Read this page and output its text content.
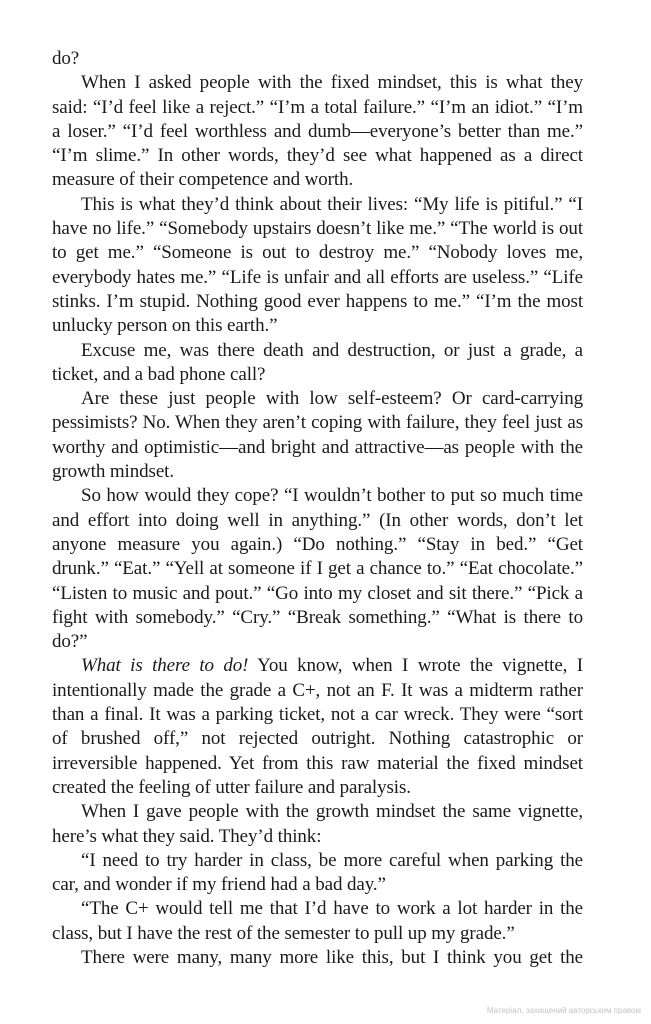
do?

When I asked people with the fixed mindset, this is what they said: “I’d feel like a reject.” “I’m a total failure.” “I’m an idiot.” “I’m a loser.” “I’d feel worthless and dumb—everyone’s better than me.” “I’m slime.” In other words, they’d see what happened as a direct measure of their competence and worth.

This is what they’d think about their lives: “My life is pitiful.” “I have no life.” “Somebody upstairs doesn’t like me.” “The world is out to get me.” “Someone is out to destroy me.” “Nobody loves me, everybody hates me.” “Life is unfair and all efforts are useless.” “Life stinks. I’m stupid. Nothing good ever happens to me.” “I’m the most unlucky person on this earth.”

Excuse me, was there death and destruction, or just a grade, a ticket, and a bad phone call?

Are these just people with low self-esteem? Or card-carrying pessimists? No. When they aren’t coping with failure, they feel just as worthy and optimistic—and bright and attractive—as people with the growth mindset.

So how would they cope? “I wouldn’t bother to put so much time and effort into doing well in anything.” (In other words, don’t let anyone measure you again.) “Do nothing.” “Stay in bed.” “Get drunk.” “Eat.” “Yell at someone if I get a chance to.” “Eat chocolate.” “Listen to music and pout.” “Go into my closet and sit there.” “Pick a fight with somebody.” “Cry.” “Break something.” “What is there to do?”

What is there to do! You know, when I wrote the vignette, I intentionally made the grade a C+, not an F. It was a midterm rather than a final. It was a parking ticket, not a car wreck. They were “sort of brushed off,” not rejected outright. Nothing catastrophic or irreversible happened. Yet from this raw material the fixed mindset created the feeling of utter failure and paralysis.

When I gave people with the growth mindset the same vignette, here’s what they said. They’d think:

“I need to try harder in class, be more careful when parking the car, and wonder if my friend had a bad day.”

“The C+ would tell me that I’d have to work a lot harder in the class, but I have the rest of the semester to pull up my grade.”

There were many, many more like this, but I think you get the

Матеріал, захищений авторським правом
